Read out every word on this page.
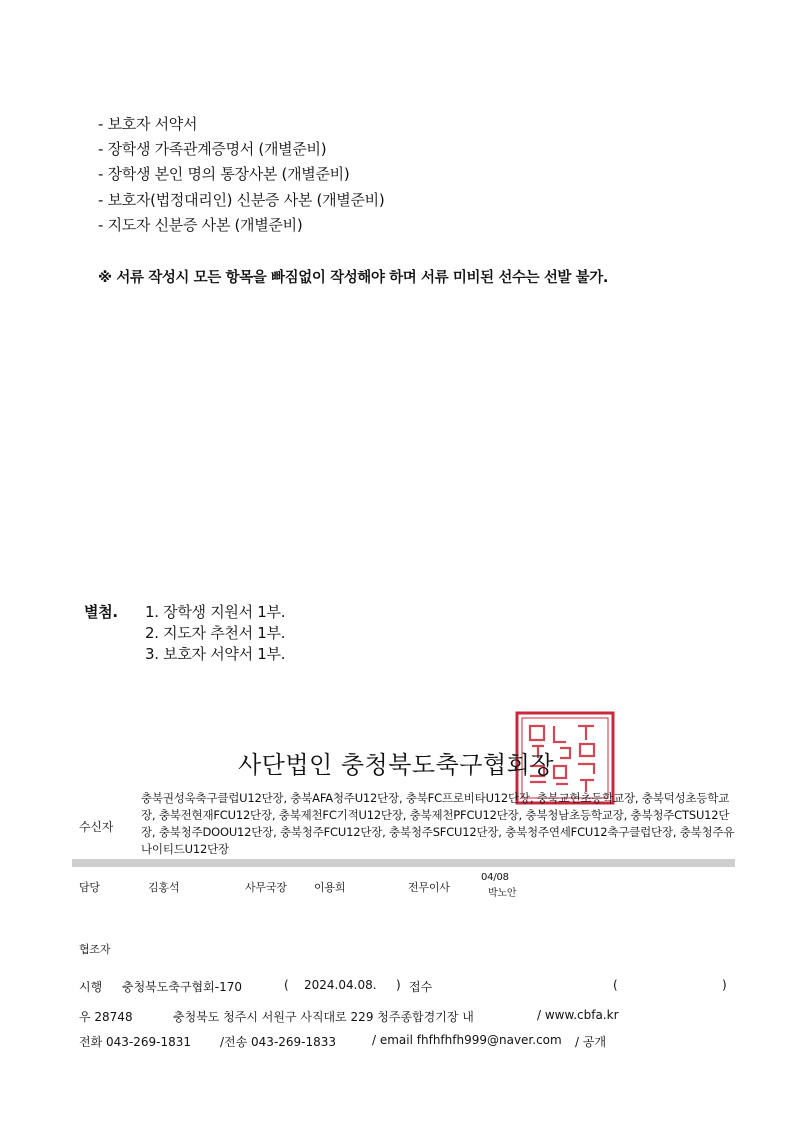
- 보호자 서약서
- 장학생 가족관계증명서 (개별준비)
- 장학생 본인 명의 통장사본 (개별준비)
- 보호자(법정대리인) 신분증 사본 (개별준비)
- 지도자 신분증 사본 (개별준비)
※ 서류 작성시 모든 항목을 빠짐없이 작성해야 하며 서류 미비된 선수는 선발 불가.
별첨. 1. 장학생 지원서 1부.
2. 지도자 추천서 1부.
3. 보호자 서약서 1부.
사단법인 충청북도축구협회장
수신자
충북권성욱축구클럽U12단장, 충북AFA청주U12단장, 충북FC프로비타U12단장, 충북교현초등학교장, 충북덕성초등학교장, 충북전현재FCU12단장, 충북제천FC기적U12단장, 충북제천PFCU12단장, 충북청남초등학교장, 충북청주CTSU12단장, 충북청주DOOU12단장, 충북청주FCU12단장, 충북청주SFCU12단장, 충북청주연세FCU12축구클럽단장, 충북청주유나이티드U12단장
담당	김홍석	사무국장 이용희	전무이사
04/08
박노안
협조자
시행 충청북도축구협회-170	( 2024.04.08. ) 접수	(	)
우 28748	충청북도 청주시 서원구 사직대로 229 청주종합경기장 내	/ www.cbfa.kr
전화 043-269-1831 /전송 043-269-1833	/ email fhfhfhfh999@naver.com / 공개
